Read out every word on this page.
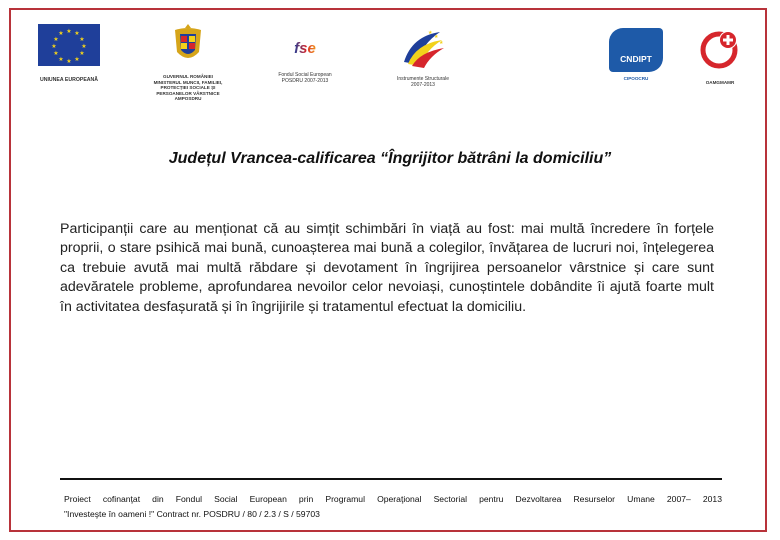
★ ★
★
★
★
★
★
★
★
★
★
★
UNIUNEA EUROPEANĂ
GUVERNUL ROMÂNIEI
MINISTERUL MUNCII, FAMILIEI,
PROTECȚIEI SOCIALE ȘI
PERSOANELOR VÂRSTNICE
AMPOSDRU
fse
Fondul Social European
POSDRU 2007-2013
★
★
★
Instrumente Structurale
2007-2013
CNDIPT
CIPOOCRU
OAMGMAMR
Județul Vrancea-calificarea “Îngrijitor bătrâni la domiciliu”
Participanții care au menționat că au simțit schimbări în viață au fost: mai multă încredere în forțele proprii, o stare psihică mai bună, cunoașterea mai bună a colegilor, învățarea de lucruri noi, înțelegerea ca trebuie avută mai multă răbdare și devotament în îngrijirea persoanelor vârstnice și care sunt adevăratele probleme, aprofundarea nevoilor celor nevoiași, cunoștintele dobândite îi ajută foarte mult în activitatea desfașurată și în îngrijirile și tratamentul efectuat la domiciliu.
Proiect cofinanţat din Fondul Social European prin Programul Operaţional Sectorial pentru Dezvoltarea Resurselor Umane 2007– 2013
"Investeşte în oameni !" Contract nr. POSDRU / 80 / 2.3 / S / 59703
